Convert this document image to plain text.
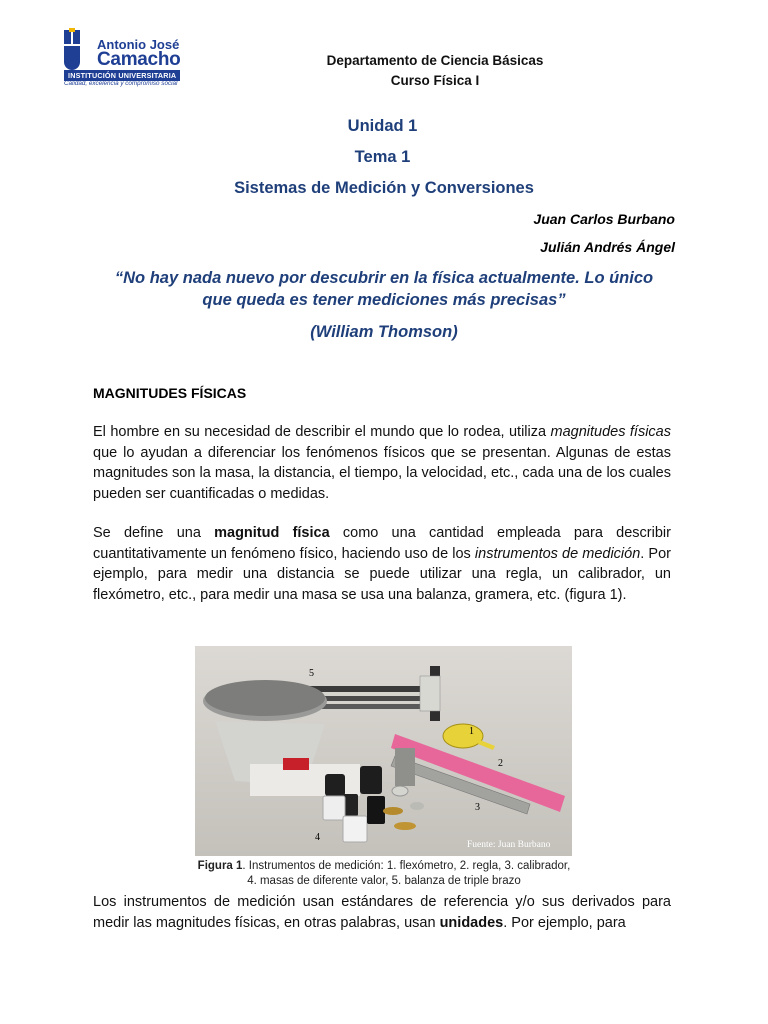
Antonio José
Camacho
INSTITUCIÓN UNIVERSITARIA
Calidad, excelencia y compromiso social
Departamento de Ciencia Básicas
Curso Física I
Unidad 1
Tema 1
Sistemas de Medición y Conversiones
Juan Carlos Burbano
Julián Andrés Ángel
“No hay nada nuevo por descubrir en la física actualmente. Lo único que queda es tener mediciones más precisas”
(William Thomson)
MAGNITUDES FÍSICAS
El hombre en su necesidad de describir el mundo que lo rodea, utiliza magnitudes físicas que lo ayudan a diferenciar los fenómenos físicos que se presentan. Algunas de estas magnitudes son la masa, la distancia, el tiempo, la velocidad, etc., cada una de los cuales pueden ser cuantificadas o medidas.
Se define una magnitud física como una cantidad empleada para describir cuantitativamente un fenómeno físico, haciendo uso de los instrumentos de medición. Por ejemplo, para medir una distancia se puede utilizar una regla, un calibrador, un flexómetro, etc., para medir una masa se usa una balanza, gramera, etc. (figura 1).
5
1
2
3
4
Fuente: Juan Burbano
Figura 1. Instrumentos de medición: 1. flexómetro, 2. regla, 3. calibrador,
4. masas de diferente valor, 5. balanza de triple brazo
Los instrumentos de medición usan estándares de referencia y/o sus derivados para medir las magnitudes físicas, en otras palabras, usan unidades. Por ejemplo, para
